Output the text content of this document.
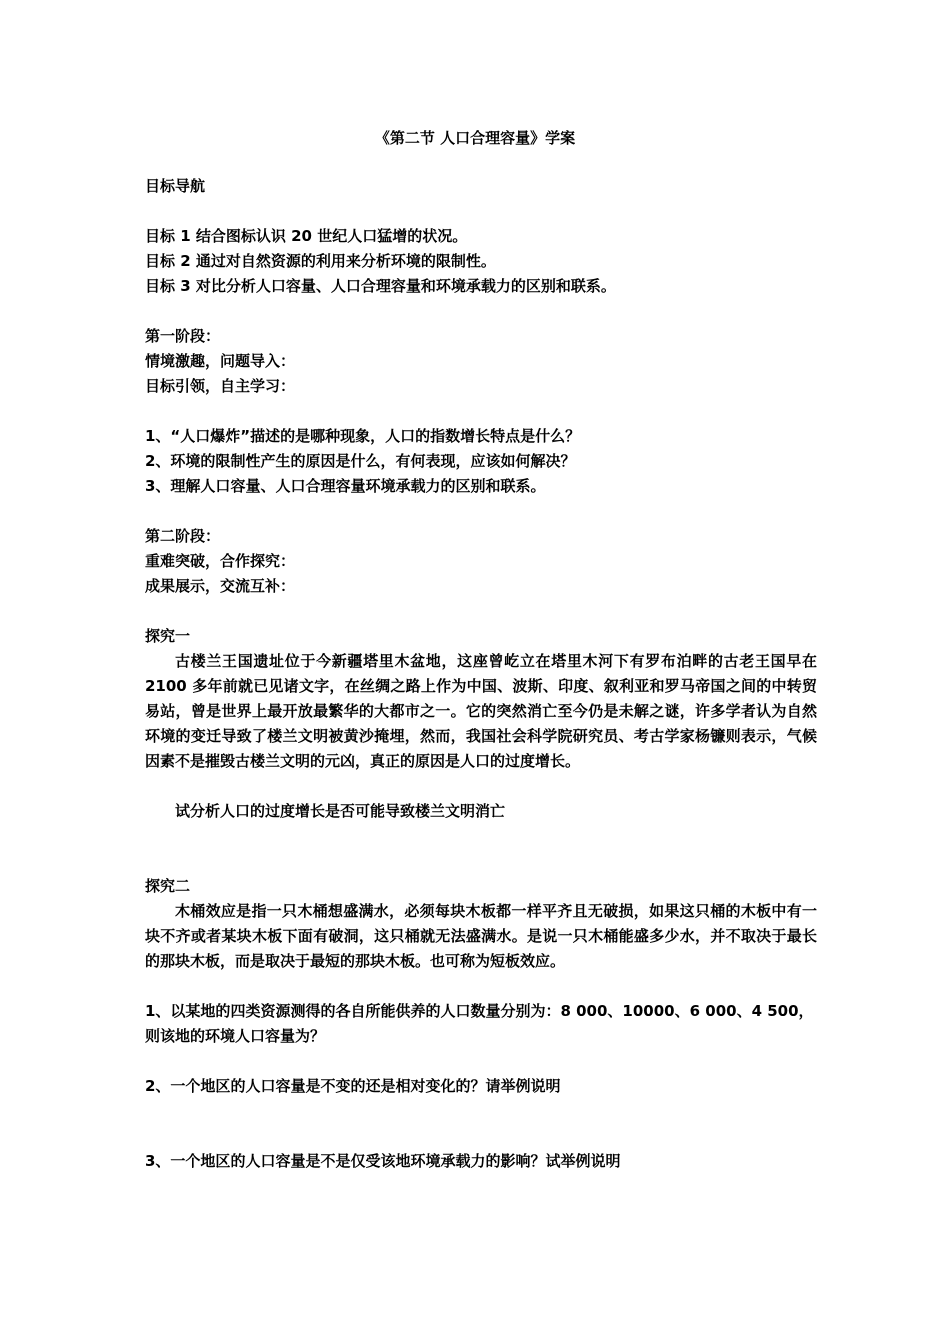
《第二节 人口合理容量》学案
目标导航
目标 1 结合图标认识 20 世纪人口猛增的状况。
目标 2 通过对自然资源的利用来分析环境的限制性。
目标 3 对比分析人口容量、人口合理容量和环境承载力的区别和联系。
第一阶段：
情境激趣，问题导入：
目标引领，自主学习：
1、“人口爆炸”描述的是哪种现象，人口的指数增长特点是什么？
2、环境的限制性产生的原因是什么，有何表现，应该如何解决？
3、理解人口容量、人口合理容量环境承载力的区别和联系。
第二阶段：
重难突破，合作探究：
成果展示，交流互补：
探究一
古楼兰王国遗址位于今新疆塔里木盆地，这座曾屹立在塔里木河下有罗布泊畔的古老王国早在 2100 多年前就已见诸文字，在丝绸之路上作为中国、波斯、印度、叙利亚和罗马帝国之间的中转贸易站，曾是世界上最开放最繁华的大都市之一。它的突然消亡至今仍是未解之谜，许多学者认为自然环境的变迁导致了楼兰文明被黄沙掩埋，然而，我国社会科学院研究员、考古学家杨镰则表示，气候因素不是摧毁古楼兰文明的元凶，真正的原因是人口的过度增长。
试分析人口的过度增长是否可能导致楼兰文明消亡
探究二
木桶效应是指一只木桶想盛满水，必须每块木板都一样平齐且无破损，如果这只桶的木板中有一块不齐或者某块木板下面有破洞，这只桶就无法盛满水。是说一只木桶能盛多少水，并不取决于最长的那块木板，而是取决于最短的那块木板。也可称为短板效应。
1、以某地的四类资源测得的各自所能供养的人口数量分别为：8 000、10000、6 000、4 500，则该地的环境人口容量为？
2、一个地区的人口容量是不变的还是相对变化的？请举例说明
3、一个地区的人口容量是不是仅受该地环境承载力的影响？试举例说明
